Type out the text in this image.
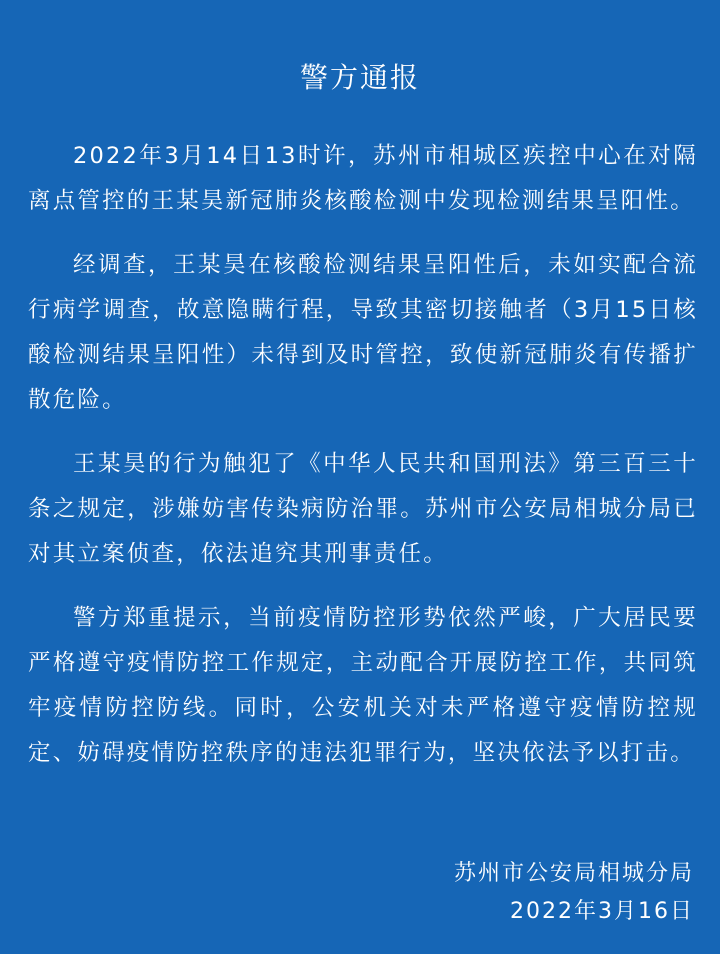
警方通报

2022年3月14日13时许，苏州市相城区疾控中心在对隔离点管控的王某昊新冠肺炎核酸检测中发现检测结果呈阳性。

经调查，王某昊在核酸检测结果呈阳性后，未如实配合流行病学调查，故意隐瞒行程，导致其密切接触者（3月15日核酸检测结果呈阳性）未得到及时管控，致使新冠肺炎有传播扩散危险。

王某昊的行为触犯了《中华人民共和国刑法》第三百三十条之规定，涉嫌妨害传染病防治罪。苏州市公安局相城分局已对其立案侦查，依法追究其刑事责任。

警方郑重提示，当前疫情防控形势依然严峻，广大居民要严格遵守疫情防控工作规定，主动配合开展防控工作，共同筑牢疫情防控防线。同时，公安机关对未严格遵守疫情防控规定、妨碍疫情防控秩序的违法犯罪行为，坚决依法予以打击。

苏州市公安局相城分局
2022年3月16日
